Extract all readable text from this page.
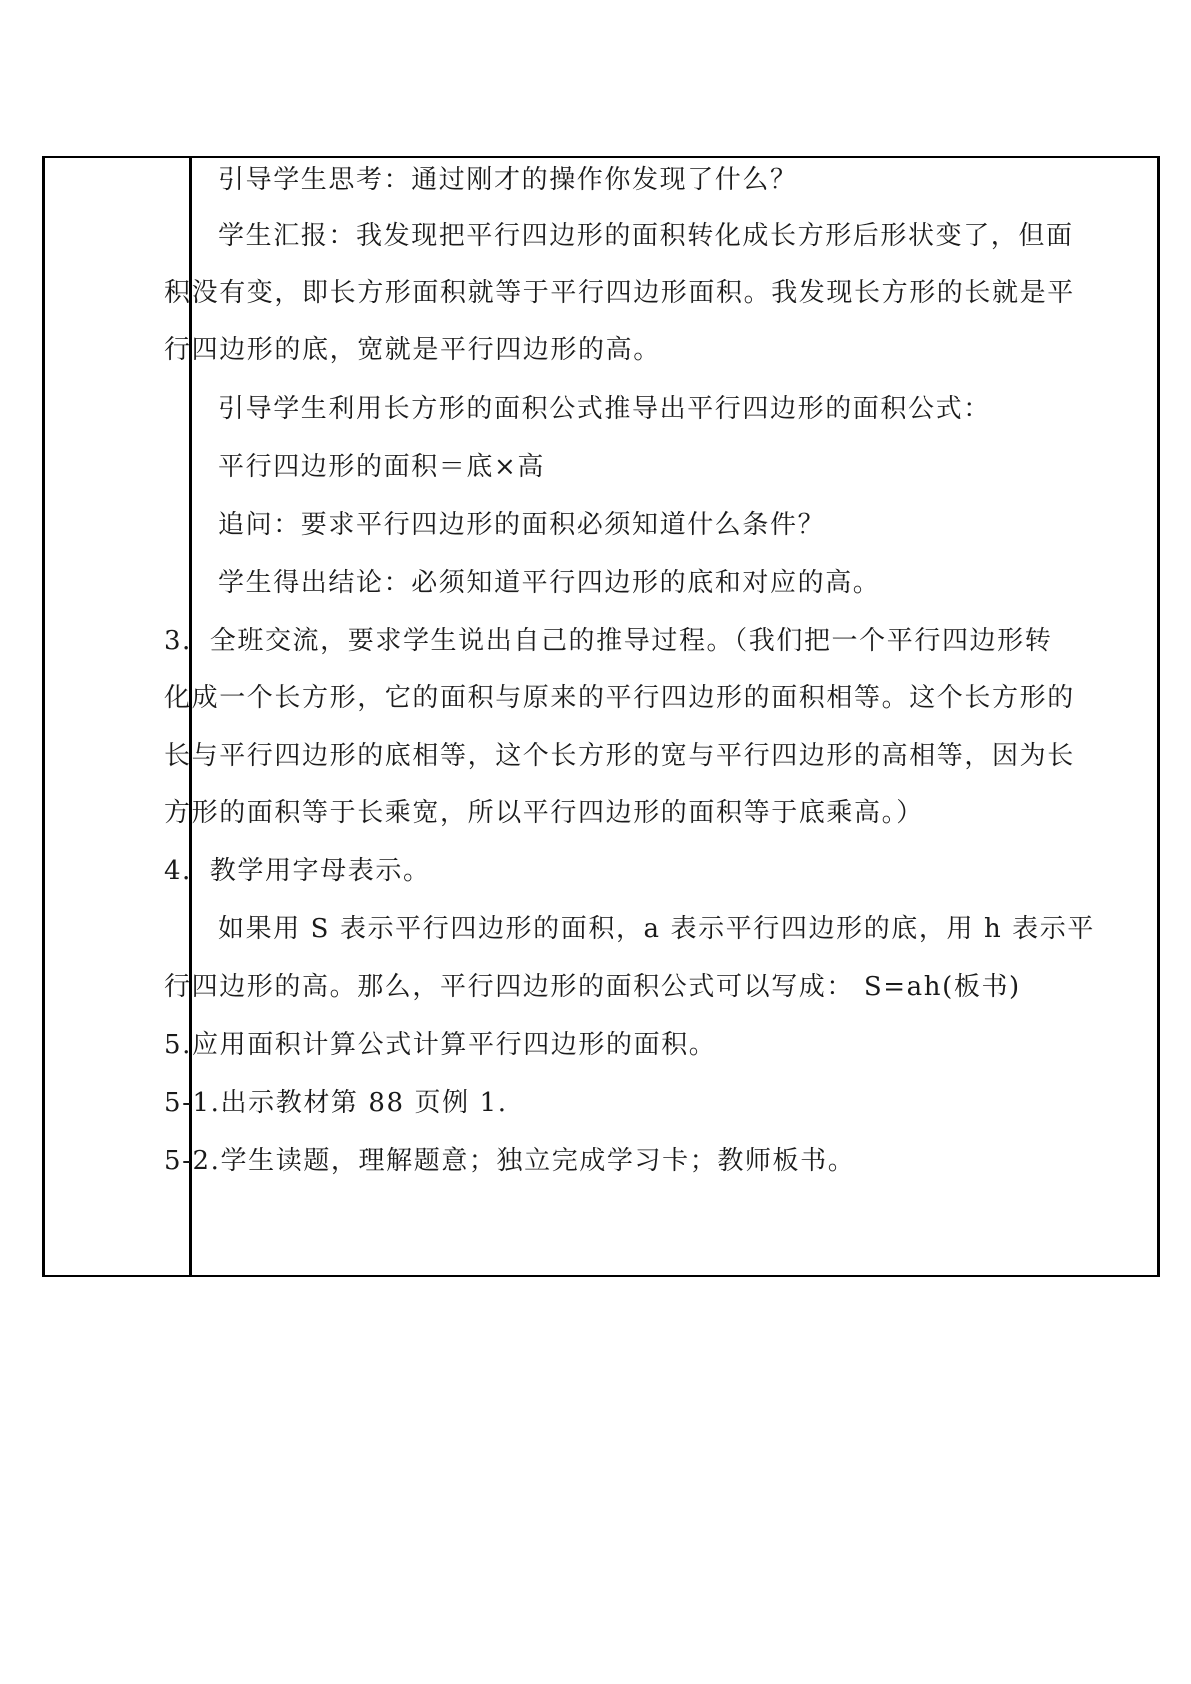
引导学生思考：通过刚才的操作你发现了什么？
学生汇报：我发现把平行四边形的面积转化成长方形后形状变了，但面
积没有变，即长方形面积就等于平行四边形面积。我发现长方形的长就是平
行四边形的底，宽就是平行四边形的高。
引导学生利用长方形的面积公式推导出平行四边形的面积公式：
平行四边形的面积＝底×高
追问：要求平行四边形的面积必须知道什么条件？
学生得出结论：必须知道平行四边形的底和对应的高。
3．全班交流，要求学生说出自己的推导过程。（我们把一个平行四边形转
化成一个长方形，它的面积与原来的平行四边形的面积相等。这个长方形的
长与平行四边形的底相等，这个长方形的宽与平行四边形的高相等，因为长
方形的面积等于长乘宽，所以平行四边形的面积等于底乘高。）
4．教学用字母表示。
如果用 S 表示平行四边形的面积，a 表示平行四边形的底，用 h 表示平
行四边形的高。那么，平行四边形的面积公式可以写成： S=ah(板书)
5.应用面积计算公式计算平行四边形的面积。
5-1.出示教材第 88 页例 1.
5-2.学生读题，理解题意；独立完成学习卡；教师板书。
